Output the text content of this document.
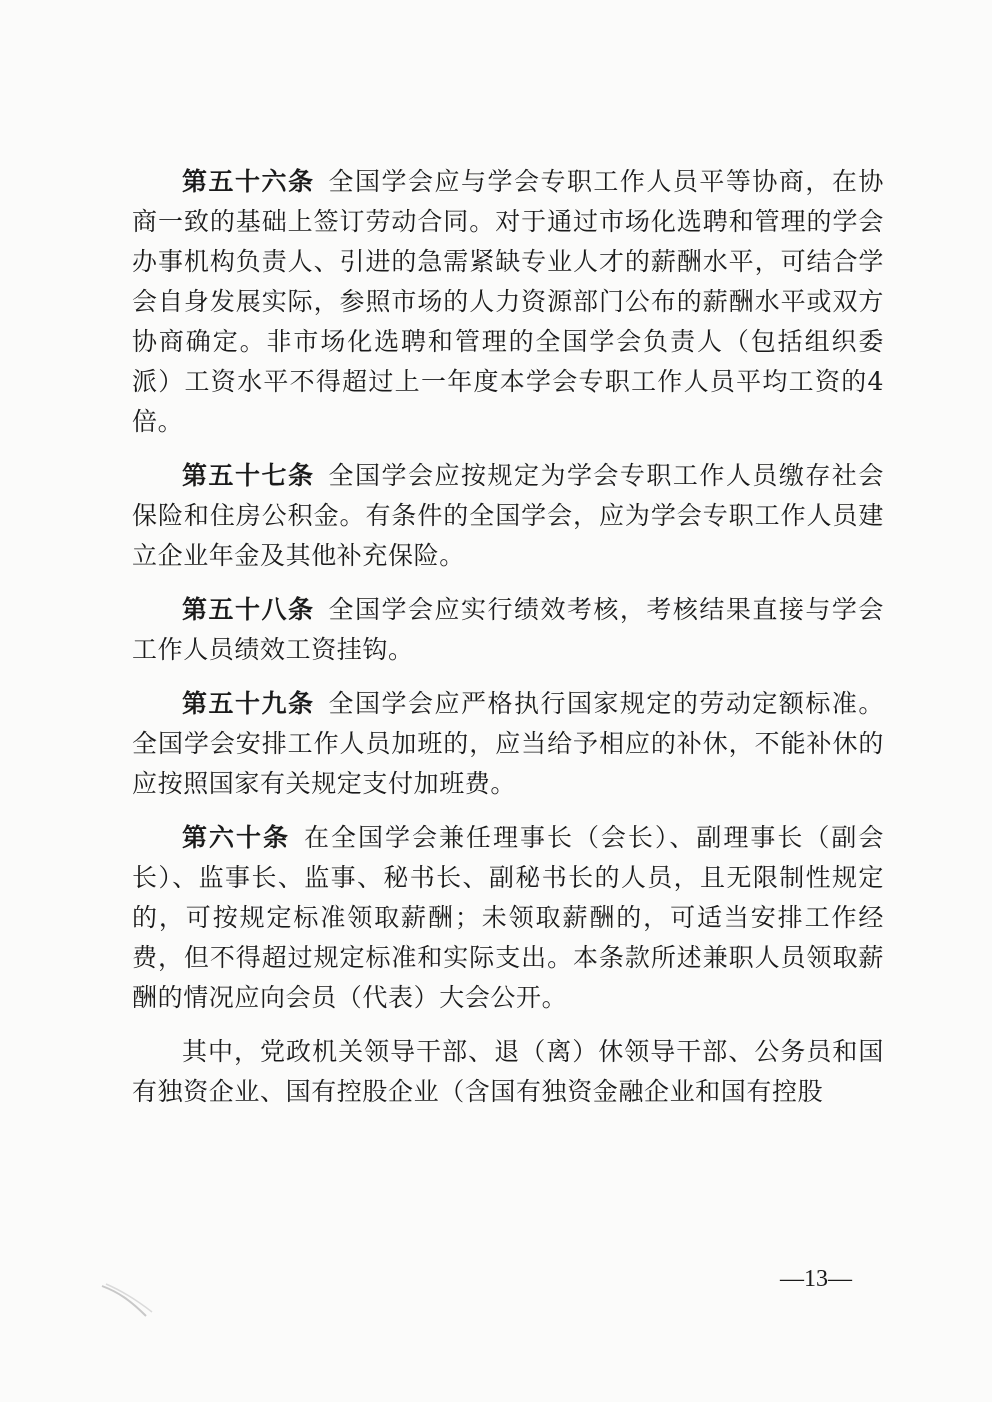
第五十六条 全国学会应与学会专职工作人员平等协商，在协商一致的基础上签订劳动合同。对于通过市场化选聘和管理的学会办事机构负责人、引进的急需紧缺专业人才的薪酬水平，可结合学会自身发展实际，参照市场的人力资源部门公布的薪酬水平或双方协商确定。非市场化选聘和管理的全国学会负责人（包括组织委派）工资水平不得超过上一年度本学会专职工作人员平均工资的4倍。

第五十七条 全国学会应按规定为学会专职工作人员缴存社会保险和住房公积金。有条件的全国学会，应为学会专职工作人员建立企业年金及其他补充保险。

第五十八条 全国学会应实行绩效考核，考核结果直接与学会工作人员绩效工资挂钩。

第五十九条 全国学会应严格执行国家规定的劳动定额标准。全国学会安排工作人员加班的，应当给予相应的补休，不能补休的应按照国家有关规定支付加班费。

第六十条 在全国学会兼任理事长（会长）、副理事长（副会长）、监事长、监事、秘书长、副秘书长的人员，且无限制性规定的，可按规定标准领取薪酬；未领取薪酬的，可适当安排工作经费，但不得超过规定标准和实际支出。本条款所述兼职人员领取薪酬的情况应向会员（代表）大会公开。

其中，党政机关领导干部、退（离）休领导干部、公务员和国有独资企业、国有控股企业（含国有独资金融企业和国有控股

—13—
